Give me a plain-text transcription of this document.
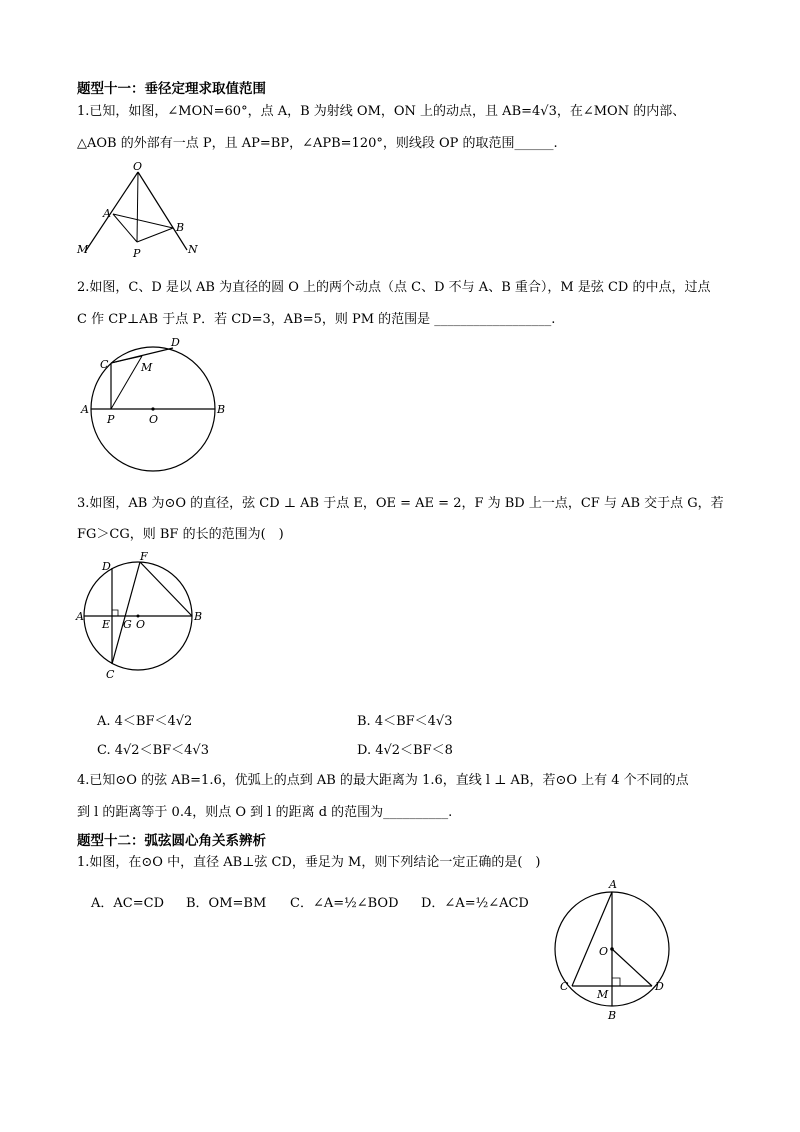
题型十一：垂径定理求取值范围
1.已知，如图，∠MON=60°，点 A，B 为射线 OM，ON 上的动点，且 AB=4√3，在∠MON 的内部、
△AOB 的外部有一点 P，且 AP=BP，∠APB=120°，则线段 OP 的取范围______.
O
A
B
M	P	N
2.如图，C、D 是以 AB 为直径的圆 O 上的两个动点（点 C、D 不与 A、B 重合），M 是弦 CD 的中点，过点
C 作 CP⊥AB 于点 P．若 CD=3，AB=5，则 PM 的范围是 __________________.
D
C	M
A
P	O
B
3.如图，AB 为⊙O 的直径，弦 CD ⊥ AB 于点 E，OE = AE = 2，F 为 BD 上一点，CF 与 AB 交于点 G，若
FG＞CG，则 BF 的长的范围为(　)
F
D
A
E G O
B
C
A. 4＜BF＜4√2	B. 4＜BF＜4√3
C. 4√2＜BF＜4√3	D. 4√2＜BF＜8
4.已知⊙O 的弦 AB=1.6，优弧上的点到 AB 的最大距离为 1.6，直线 l ⊥ AB，若⊙O 上有 4 个不同的点
到 l 的距离等于 0.4，则点 O 到 l 的距离 d 的范围为__________.
题型十二：弧弦圆心角关系辨析
1.如图，在⊙O 中，直径 AB⊥弦 CD，垂足为 M，则下列结论一定正确的是(　)
A．AC=CD B．OM=BM C．∠A=½∠BOD D．∠A=½∠ACD
A
O
C
M
D
B
